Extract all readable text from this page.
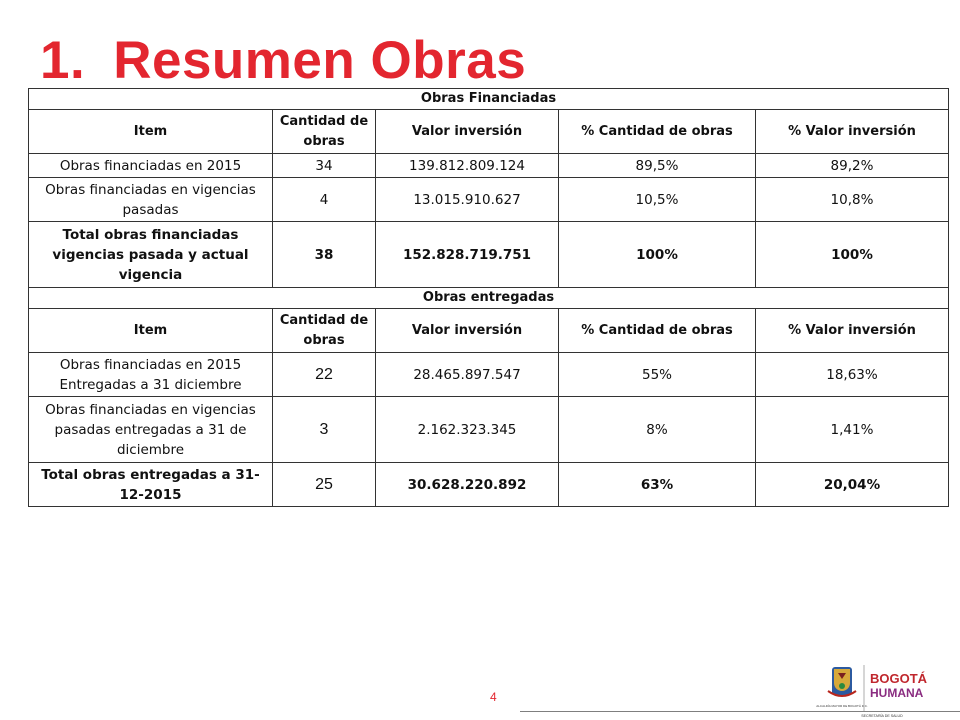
1. Resumen Obras
Obras Financiadas				
Item	Cantidad de obras	Valor inversión	% Cantidad de obras	% Valor inversión
Obras financiadas en 2015	34	139.812.809.124	89,5%	89,2%
Obras financiadas en vigencias pasadas	4	13.015.910.627	10,5%	10,8%
Total obras financiadas vigencias pasada y actual vigencia	38	152.828.719.751	100%	100%
Obras entregadas				
Item	Cantidad de obras	Valor inversión	% Cantidad de obras	% Valor inversión
Obras financiadas en 2015 Entregadas a 31 diciembre	22	28.465.897.547	55%	18,63%
Obras financiadas en vigencias pasadas entregadas a 31 de diciembre	3	2.162.323.345	8%	1,41%
Total obras entregadas a 31-12-2015	25	30.628.220.892	63%	20,04%
4
ALCALDÍA MAYOR DE BOGOTÁ D.C.
BOGOTÁ
HUMANA
SECRETARÍA DE SALUD
